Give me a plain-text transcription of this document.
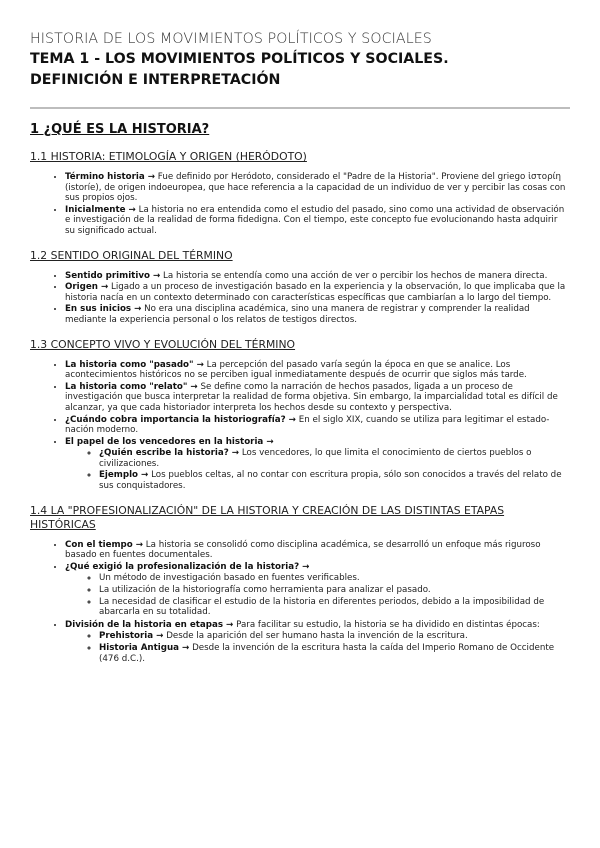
HISTORIA DE LOS MOVIMIENTOS POLÍTICOS Y SOCIALES
TEMA 1 - LOS MOVIMIENTOS POLÍTICOS Y SOCIALES.
DEFINICIÓN E INTERPRETACIÓN
1 ¿QUÉ ES LA HISTORIA?
1.1 HISTORIA: ETIMOLOGÍA Y ORIGEN (HERÓDOTO)
• Término historia → Fue definido por Heródoto, considerado el "Padre de la Historia". Proviene del griego ἱστορίη (istoríe), de origen indoeuropea, que hace referencia a la capacidad de un individuo de ver y percibir las cosas con sus propios ojos.
• Inicialmente → La historia no era entendida como el estudio del pasado, sino como una actividad de observación e investigación de la realidad de forma fidedigna. Con el tiempo, este concepto fue evolucionando hasta adquirir su significado actual.
1.2 SENTIDO ORIGINAL DEL TÉRMINO
• Sentido primitivo → La historia se entendía como una acción de ver o percibir los hechos de manera directa.
• Origen → Ligado a un proceso de investigación basado en la experiencia y la observación, lo que implicaba que la historia nacía en un contexto determinado con características específicas que cambiarían a lo largo del tiempo.
• En sus inicios → No era una disciplina académica, sino una manera de registrar y comprender la realidad mediante la experiencia personal o los relatos de testigos directos.
1.3 CONCEPTO VIVO Y EVOLUCIÓN DEL TÉRMINO
• La historia como "pasado" → La percepción del pasado varía según la época en que se analice. Los acontecimientos históricos no se perciben igual inmediatamente después de ocurrir que siglos más tarde.
• La historia como "relato" → Se define como la narración de hechos pasados, ligada a un proceso de investigación que busca interpretar la realidad de forma objetiva. Sin embargo, la imparcialidad total es difícil de alcanzar, ya que cada historiador interpreta los hechos desde su contexto y perspectiva.
• ¿Cuándo cobra importancia la historiografía? → En el siglo XIX, cuando se utiliza para legitimar el estado-nación moderno.
• El papel de los vencedores en la historia →
◦ ¿Quién escribe la historia? → Los vencedores, lo que limita el conocimiento de ciertos pueblos o civilizaciones.
◦ Ejemplo → Los pueblos celtas, al no contar con escritura propia, sólo son conocidos a través del relato de sus conquistadores.
1.4 LA "PROFESIONALIZACIÓN" DE LA HISTORIA Y CREACIÓN DE LAS DISTINTAS ETAPAS HISTÓRICAS
• Con el tiempo → La historia se consolidó como disciplina académica, se desarrolló un enfoque más riguroso basado en fuentes documentales.
• ¿Qué exigió la profesionalización de la historia? →
◦ Un método de investigación basado en fuentes verificables.
◦ La utilización de la historiografía como herramienta para analizar el pasado.
◦ La necesidad de clasificar el estudio de la historia en diferentes periodos, debido a la imposibilidad de abarcarla en su totalidad.
• División de la historia en etapas → Para facilitar su estudio, la historia se ha dividido en distintas épocas:
◦ Prehistoria → Desde la aparición del ser humano hasta la invención de la escritura.
◦ Historia Antigua → Desde la invención de la escritura hasta la caída del Imperio Romano de Occidente (476 d.C.).
